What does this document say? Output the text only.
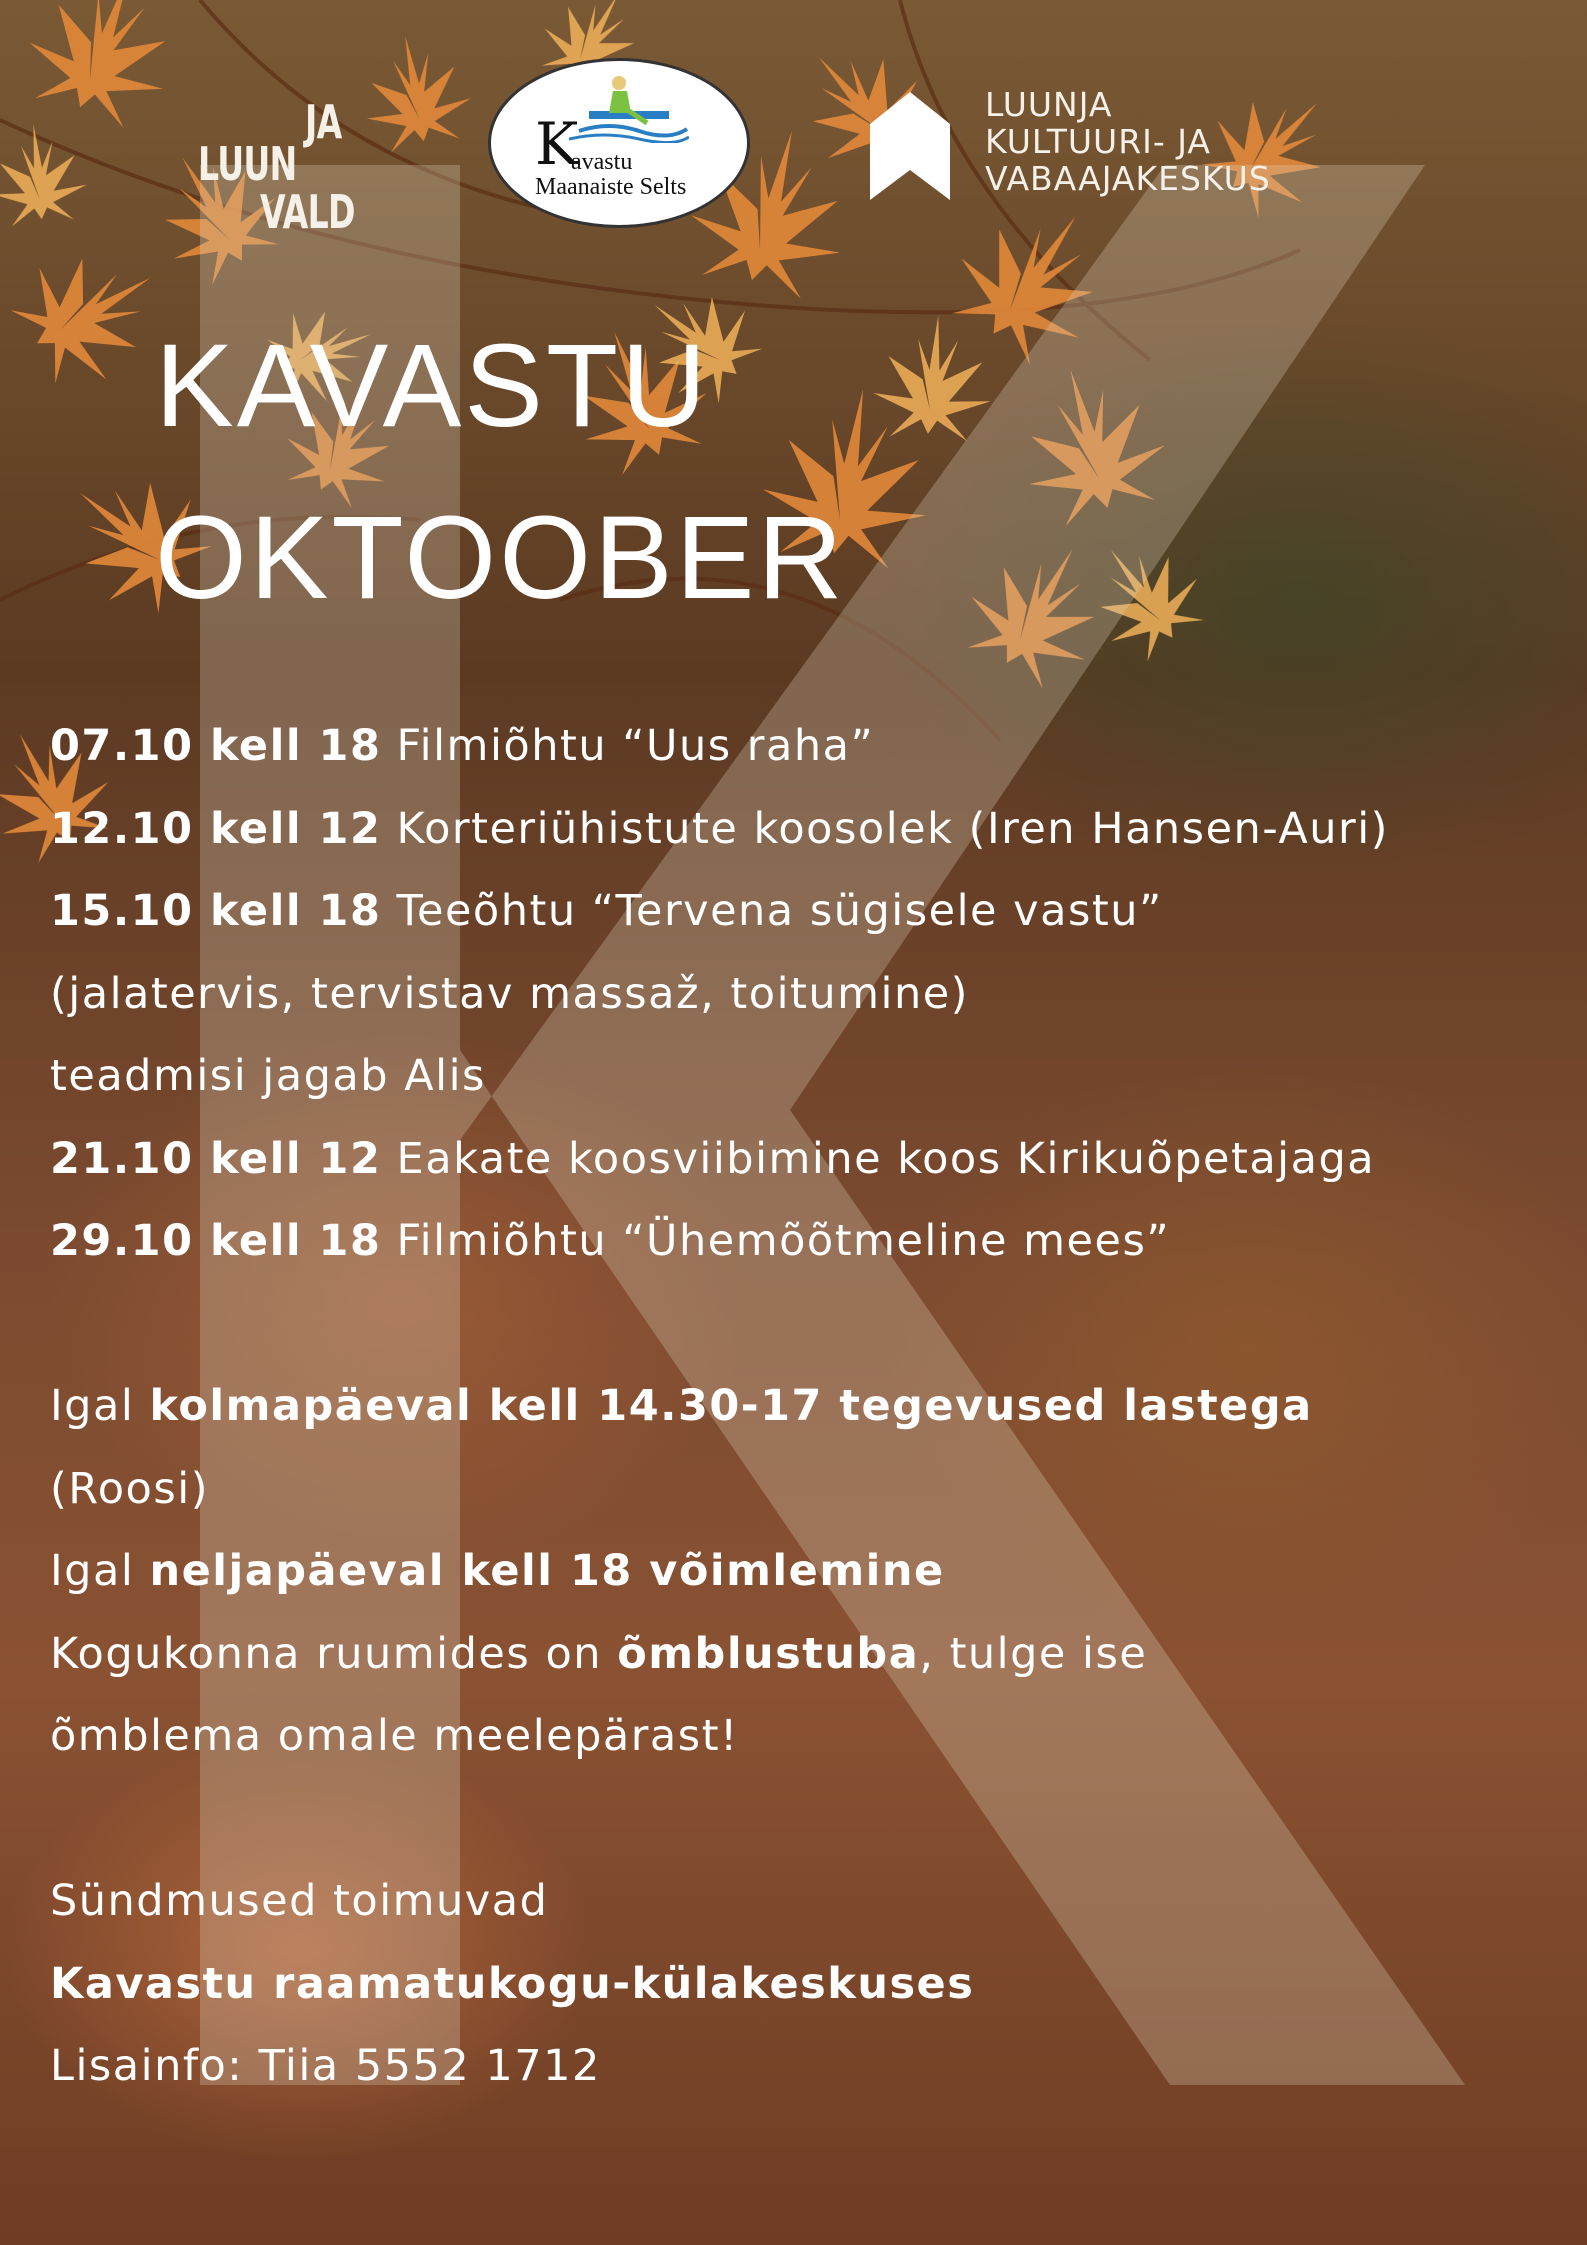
JA
LUUN
VALD
K
avastu
Maanaiste Selts
LUUNJA
KULTUURI- JA
VABAAJAKESKUS
KAVASTU
OKTOOBER
07.10 kell 18 Filmiõhtu “Uus raha”
12.10 kell 12 Korteriühistute koosolek (Iren Hansen-Auri)
15.10 kell 18 Teeõhtu “Tervena sügisele vastu”
(jalatervis, tervistav massaž, toitumine)
teadmisi jagab Alis
21.10 kell 12 Eakate koosviibimine koos Kirikuõpetajaga
29.10 kell 18 Filmiõhtu “Ühemõõtmeline mees”
Igal kolmapäeval kell 14.30-17 tegevused lastega
(Roosi)
Igal neljapäeval kell 18 võimlemine
Kogukonna ruumides on õmblustuba, tulge ise
õmblema omale meelepärast!
Sündmused toimuvad
Kavastu raamatukogu-külakeskuses
Lisainfo: Tiia 5552 1712
